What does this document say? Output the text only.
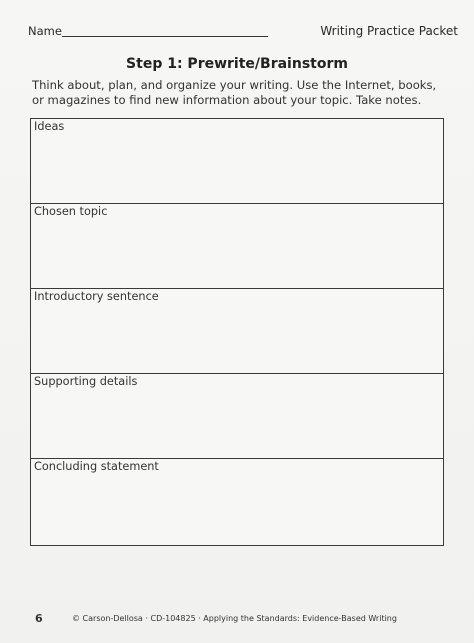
Name	Writing Practice Packet
Step 1: Prewrite/Brainstorm
Think about, plan, and organize your writing. Use the Internet, books, or magazines to find new information about your topic. Take notes.
Ideas
Chosen topic
Introductory sentence
Supporting details
Concluding statement
6	© Carson-Dellosa · CD-104825 · Applying the Standards: Evidence-Based Writing
